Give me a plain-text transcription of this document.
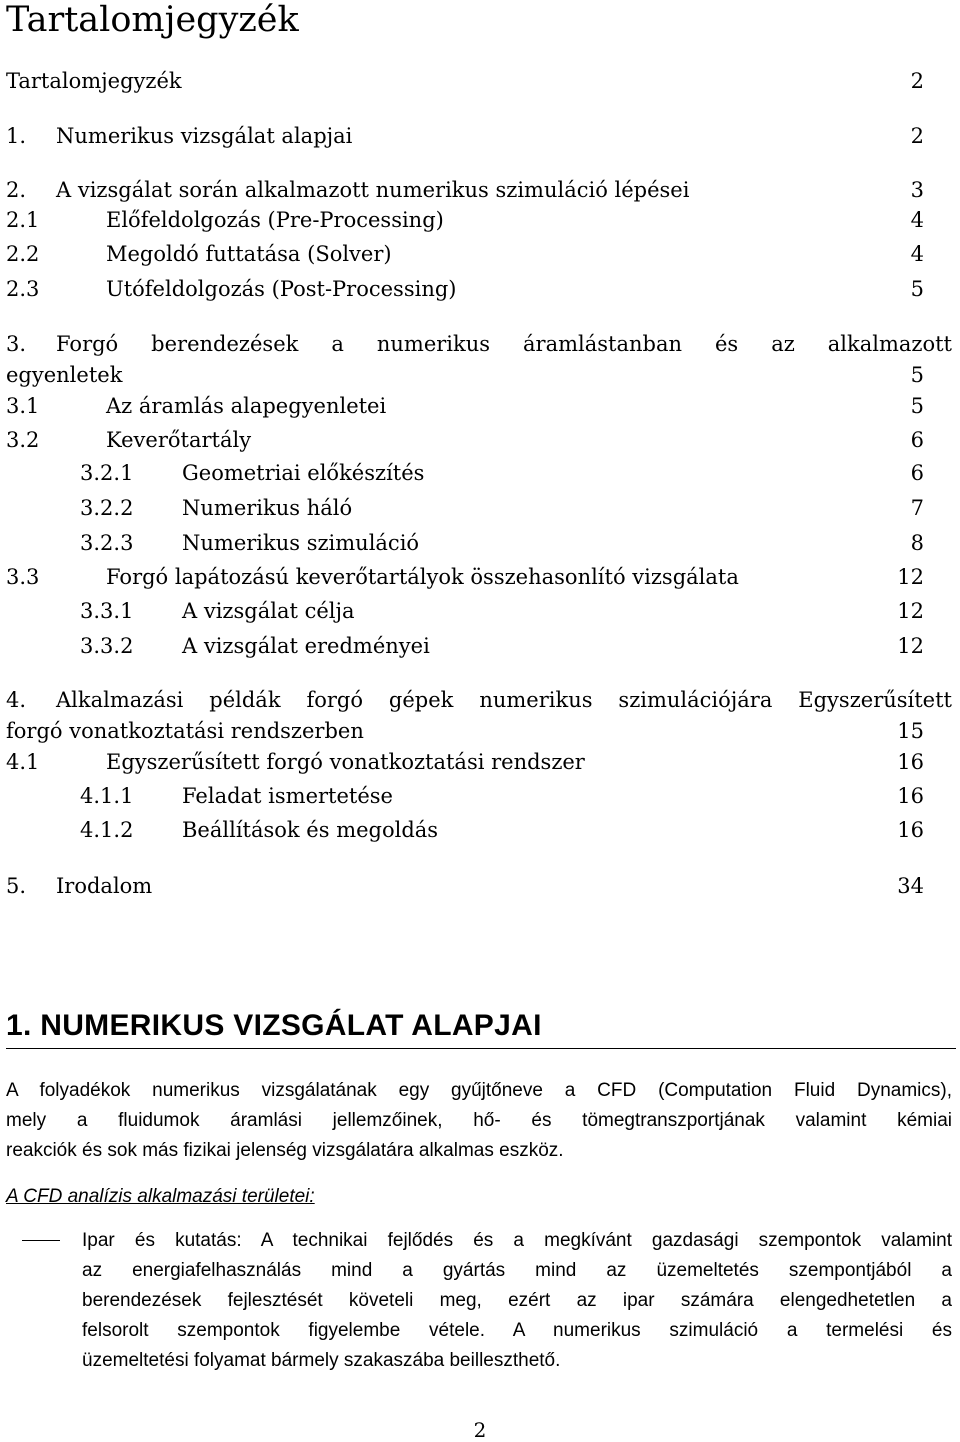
Tartalomjegyzék
Tartalomjegyzék	2
1. Numerikus vizsgálat alapjai	2
2. A vizsgálat során alkalmazott numerikus szimuláció lépései	3
2.1	Előfeldolgozás (Pre-Processing)	4
2.2	Megoldó futtatása (Solver)	4
2.3	Utófeldolgozás (Post-Processing)	5
3. Forgó berendezések a numerikus áramlástanban és az alkalmazott
egyenletek	5
3.1	Az áramlás alapegyenletei	5
3.2	Keverőtartály	6
3.2.1 Geometriai előkészítés	6
3.2.2 Numerikus háló	7
3.2.3 Numerikus szimuláció	8
3.3	Forgó lapátozású keverőtartályok összehasonlító vizsgálata	12
3.3.1 A vizsgálat célja	12
3.3.2 A vizsgálat eredményei	12
4. Alkalmazási példák forgó gépek numerikus szimulációjára Egyszerűsített
forgó vonatkoztatási rendszerben	15
4.1	Egyszerűsített forgó vonatkoztatási rendszer	16
4.1.1 Feladat ismertetése	16
4.1.2 Beállítások és megoldás	16
5. Irodalom	34
1. NUMERIKUS VIZSGÁLAT ALAPJAI
A folyadékok numerikus vizsgálatának egy gyűjtőneve a CFD (Computation Fluid Dynamics),
mely a fluidumok áramlási jellemzőinek, hő- és tömegtranszportjának valamint kémiai
reakciók és sok más fizikai jelenség vizsgálatára alkalmas eszköz.
A CFD analízis alkalmazási területei:
Ipar és kutatás: A technikai fejlődés és a megkívánt gazdasági szempontok valamint
az energiafelhasználás mind a gyártás mind az üzemeltetés szempontjából a
berendezések fejlesztését követeli meg, ezért az ipar számára elengedhetetlen a
felsorolt szempontok figyelembe vétele. A numerikus szimuláció a termelési és
üzemeltetési folyamat bármely szakaszába beilleszthető.
2
